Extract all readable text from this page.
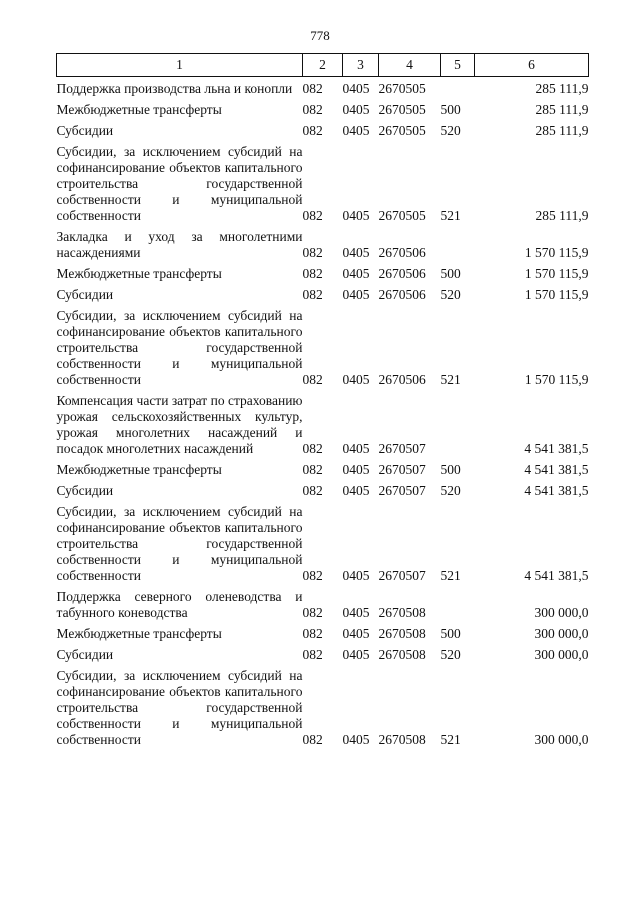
778
1	2	3	4	5	6
Поддержка производства льна и конопли	082	0405	2670505		285 111,9
Межбюджетные трансферты	082	0405	2670505	500	285 111,9
Субсидии	082	0405	2670505	520	285 111,9
Субсидии, за исключением субсидий на софинансирование объектов капитального строительства государственной собственности и муниципальной собственности	082	0405	2670505	521	285 111,9
Закладка и уход за многолетними насаждениями	082	0405	2670506		1 570 115,9
Межбюджетные трансферты	082	0405	2670506	500	1 570 115,9
Субсидии	082	0405	2670506	520	1 570 115,9
Субсидии, за исключением субсидий на софинансирование объектов капитального строительства государственной собственности и муниципальной собственности	082	0405	2670506	521	1 570 115,9
Компенсация части затрат по страхованию урожая сельскохозяйственных культур, урожая многолетних насаждений и посадок многолетних насаждений	082	0405	2670507		4 541 381,5
Межбюджетные трансферты	082	0405	2670507	500	4 541 381,5
Субсидии	082	0405	2670507	520	4 541 381,5
Субсидии, за исключением субсидий на софинансирование объектов капитального строительства государственной собственности и муниципальной собственности	082	0405	2670507	521	4 541 381,5
Поддержка северного оленеводства и табунного коневодства	082	0405	2670508		300 000,0
Межбюджетные трансферты	082	0405	2670508	500	300 000,0
Субсидии	082	0405	2670508	520	300 000,0
Субсидии, за исключением субсидий на софинансирование объектов капитального строительства государственной собственности и муниципальной собственности	082	0405	2670508	521	300 000,0
